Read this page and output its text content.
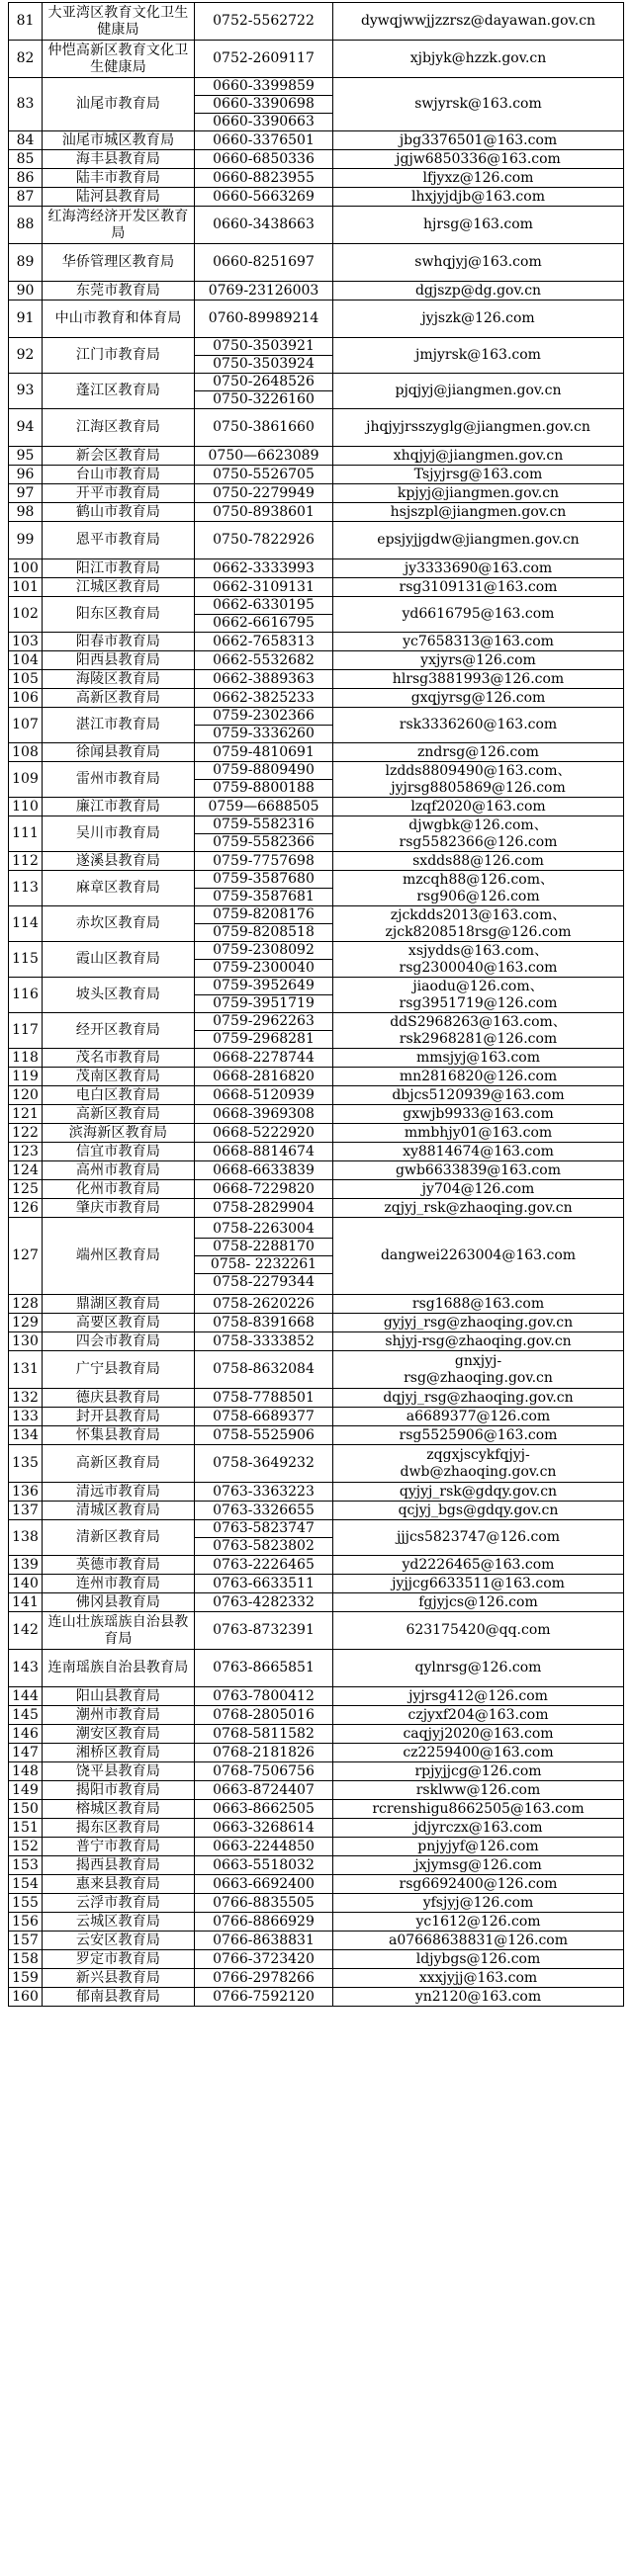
81	大亚湾区教育文化卫生健康局	0752-5562722	dywqjwwjjzzrsz@dayawan.gov.cn

82	仲恺高新区教育文化卫生健康局	0752-2609117	xjbjyk@hzzk.gov.cn

83	汕尾市教育局	0660-3399859
0660-3390698
0660-3390663	swjyrsk@163.com

84	汕尾市城区教育局	0660-3376501	jbg3376501@163.com

85	海丰县教育局	0660-6850336	jgjw6850336@163.com

86	陆丰市教育局	0660-8823955	lfjyxz@126.com

87	陆河县教育局	0660-5663269	lhxjyjdjb@163.com

88	红海湾经济开发区教育局	0660-3438663	hjrsg@163.com

89	华侨管理区教育局	0660-8251697	swhqjyj@163.com

90	东莞市教育局	0769-23126003	dgjszp@dg.gov.cn

91	中山市教育和体育局	0760-89989214	jyjszk@126.com

92	江门市教育局	0750-3503921
0750-3503924	jmjyrsk@163.com

93	蓬江区教育局	0750-2648526
0750-3226160	pjqjyj@jiangmen.gov.cn

94	江海区教育局	0750-3861660	jhqjyjrsszyglg@jiangmen.gov.cn

95	新会区教育局	0750—6623089	xhqjyj@jiangmen.gov.cn

96	台山市教育局	0750-5526705	Tsjyjrsg@163.com

97	开平市教育局	0750-2279949	kpjyj@jiangmen.gov.cn

98	鹤山市教育局	0750-8938601	hsjszpl@jiangmen.gov.cn

99	恩平市教育局	0750-7822926	epsjyjjgdw@jiangmen.gov.cn

100	阳江市教育局	0662-3333993	jy3333690@163.com

101	江城区教育局	0662-3109131	rsg3109131@163.com

102	阳东区教育局	0662-6330195
0662-6616795	yd6616795@163.com

103	阳春市教育局	0662-7658313	yc7658313@163.com

104	阳西县教育局	0662-5532682	yxjyrs@126.com

105	海陵区教育局	0662-3889363	hlrsg3881993@126.com

106	高新区教育局	0662-3825233	gxqjyrsg@126.com

107	湛江市教育局	0759-2302366
0759-3336260	rsk3336260@163.com

108	徐闻县教育局	0759-4810691	zndrsg@126.com

109	雷州市教育局	0759-8809490
0759-8800188	lzdds8809490@163.com、
jyjrsg8805869@126.com

110	廉江市教育局	0759—6688505	lzqf2020@163.com

111	吴川市教育局	0759-5582316
0759-5582366	djwgbk@126.com、
rsg5582366@126.com

112	遂溪县教育局	0759-7757698	sxdds88@126.com

113	麻章区教育局	0759-3587680
0759-3587681	mzcqh88@126.com、
rsg906@126.com

114	赤坎区教育局	0759-8208176
0759-8208518	zjckdds2013@163.com、
zjck8208518rsg@126.com

115	霞山区教育局	0759-2308092
0759-2300040	xsjydds@163.com、
rsg2300040@163.com

116	坡头区教育局	0759-3952649
0759-3951719	jiaodu@126.com、
rsg3951719@126.com

117	经开区教育局	0759-2962263
0759-2968281	ddS2968263@163.com、
rsk2968281@126.com

118	茂名市教育局	0668-2278744	mmsjyj@163.com

119	茂南区教育局	0668-2816820	mn2816820@126.com

120	电白区教育局	0668-5120939	dbjcs5120939@163.com

121	高新区教育局	0668-3969308	gxwjb9933@163.com

122	滨海新区教育局	0668-5222920	mmbhjy01@163.com

123	信宜市教育局	0668-8814674	xy8814674@163.com

124	高州市教育局	0668-6633839	gwb6633839@163.com

125	化州市教育局	0668-7229820	jy704@126.com

126	肇庆市教育局	0758-2829904	zqjyj_rsk@zhaoqing.gov.cn

127	端州区教育局	0758-2263004
0758-2288170
0758- 2232261
0758-2279344	dangwei2263004@163.com

128	鼎湖区教育局	0758-2620226	rsg1688@163.com

129	高要区教育局	0758-8391668	gyjyj_rsg@zhaoqing.gov.cn

130	四会市教育局	0758-3333852	shjyj-rsg@zhaoqing.gov.cn

131	广宁县教育局	0758-8632084	gnxjyj-
rsg@zhaoqing.gov.cn

132	德庆县教育局	0758-7788501	dqjyj_rsg@zhaoqing.gov.cn

133	封开县教育局	0758-6689377	a6689377@126.com

134	怀集县教育局	0758-5525906	rsg5525906@163.com

135	高新区教育局	0758-3649232	zqgxjscykfqjyj-
dwb@zhaoqing.gov.cn

136	清远市教育局	0763-3363223	qyjyj_rsk@gdqy.gov.cn

137	清城区教育局	0763-3326655	qcjyj_bgs@gdqy.gov.cn

138	清新区教育局	0763-5823747
0763-5823802	jjjcs5823747@126.com

139	英德市教育局	0763-2226465	yd2226465@163.com

140	连州市教育局	0763-6633511	jyjjcg6633511@163.com

141	佛冈县教育局	0763-4282332	fgjyjcs@126.com

142	连山壮族瑶族自治县教育局	0763-8732391	623175420@qq.com

143	连南瑶族自治县教育局	0763-8665851	qylnrsg@126.com

144	阳山县教育局	0763-7800412	jyjrsg412@126.com

145	潮州市教育局	0768-2805016	czjyxf204@163.com

146	潮安区教育局	0768-5811582	caqjyj2020@163.com

147	湘桥区教育局	0768-2181826	cz2259400@163.com

148	饶平县教育局	0768-7506756	rpjyjjcg@126.com

149	揭阳市教育局	0663-8724407	rsklww@126.com

150	榕城区教育局	0663-8662505	rcrenshigu8662505@163.com

151	揭东区教育局	0663-3268614	jdjyrczx@163.com

152	普宁市教育局	0663-2244850	pnjyjyf@126.com

153	揭西县教育局	0663-5518032	jxjymsg@126.com

154	惠来县教育局	0663-6692400	rsg6692400@126.com

155	云浮市教育局	0766-8835505	yfsjyj@126.com

156	云城区教育局	0766-8866929	yc1612@126.com

157	云安区教育局	0766-8638831	a07668638831@126.com

158	罗定市教育局	0766-3723420	ldjybgs@126.com

159	新兴县教育局	0766-2978266	xxxjyjj@163.com

160	郁南县教育局	0766-7592120	yn2120@163.com
